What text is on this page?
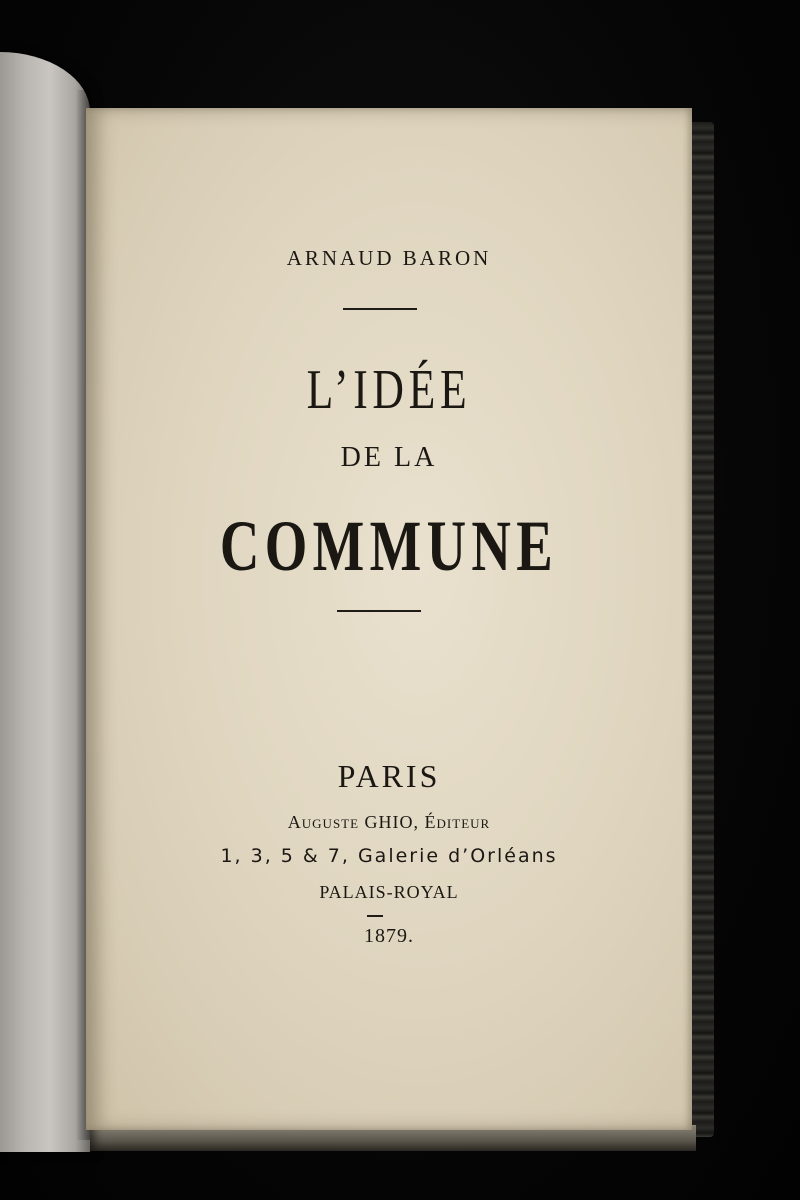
ARNAUD BARON
L’IDÉE
DE LA
COMMUNE
PARIS
Auguste GHIO, Éditeur
1, 3, 5 & 7, Galerie d’Orléans
PALAIS-ROYAL
1879.
